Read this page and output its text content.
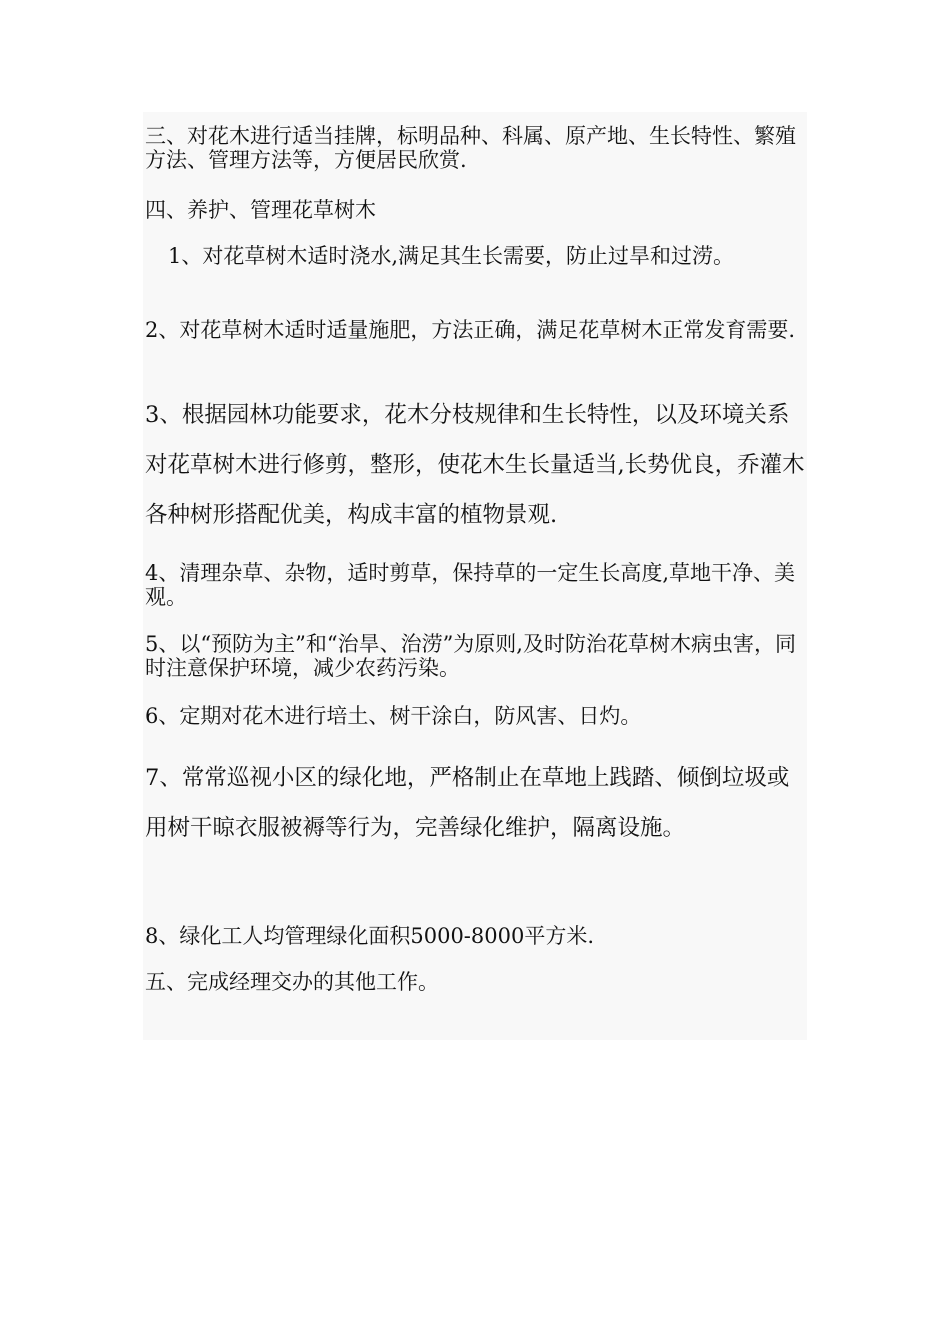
三、对花木进行适当挂牌，标明品种、科属、原产地、生长特性、繁殖方法、管理方法等，方便居民欣赏.

四、养护、管理花草树木

1、对花草树木适时浇水,满足其生长需要，防止过旱和过涝。

2、对花草树木适时适量施肥，方法正确，满足花草树木正常发育需要.

3、根据园林功能要求，花木分枝规律和生长特性，以及环境关系对花草树木进行修剪，整形，使花木生长量适当,长势优良，乔灌木各种树形搭配优美，构成丰富的植物景观.

4、清理杂草、杂物，适时剪草，保持草的一定生长高度,草地干净、美观。

5、以“预防为主”和“治旱、治涝”为原则,及时防治花草树木病虫害，同时注意保护环境，减少农药污染。

6、定期对花木进行培土、树干涂白，防风害、日灼。

7、常常巡视小区的绿化地，严格制止在草地上践踏、倾倒垃圾或用树干晾衣服被褥等行为，完善绿化维护，隔离设施。

8、绿化工人均管理绿化面积5000-8000平方米.

五、完成经理交办的其他工作。
